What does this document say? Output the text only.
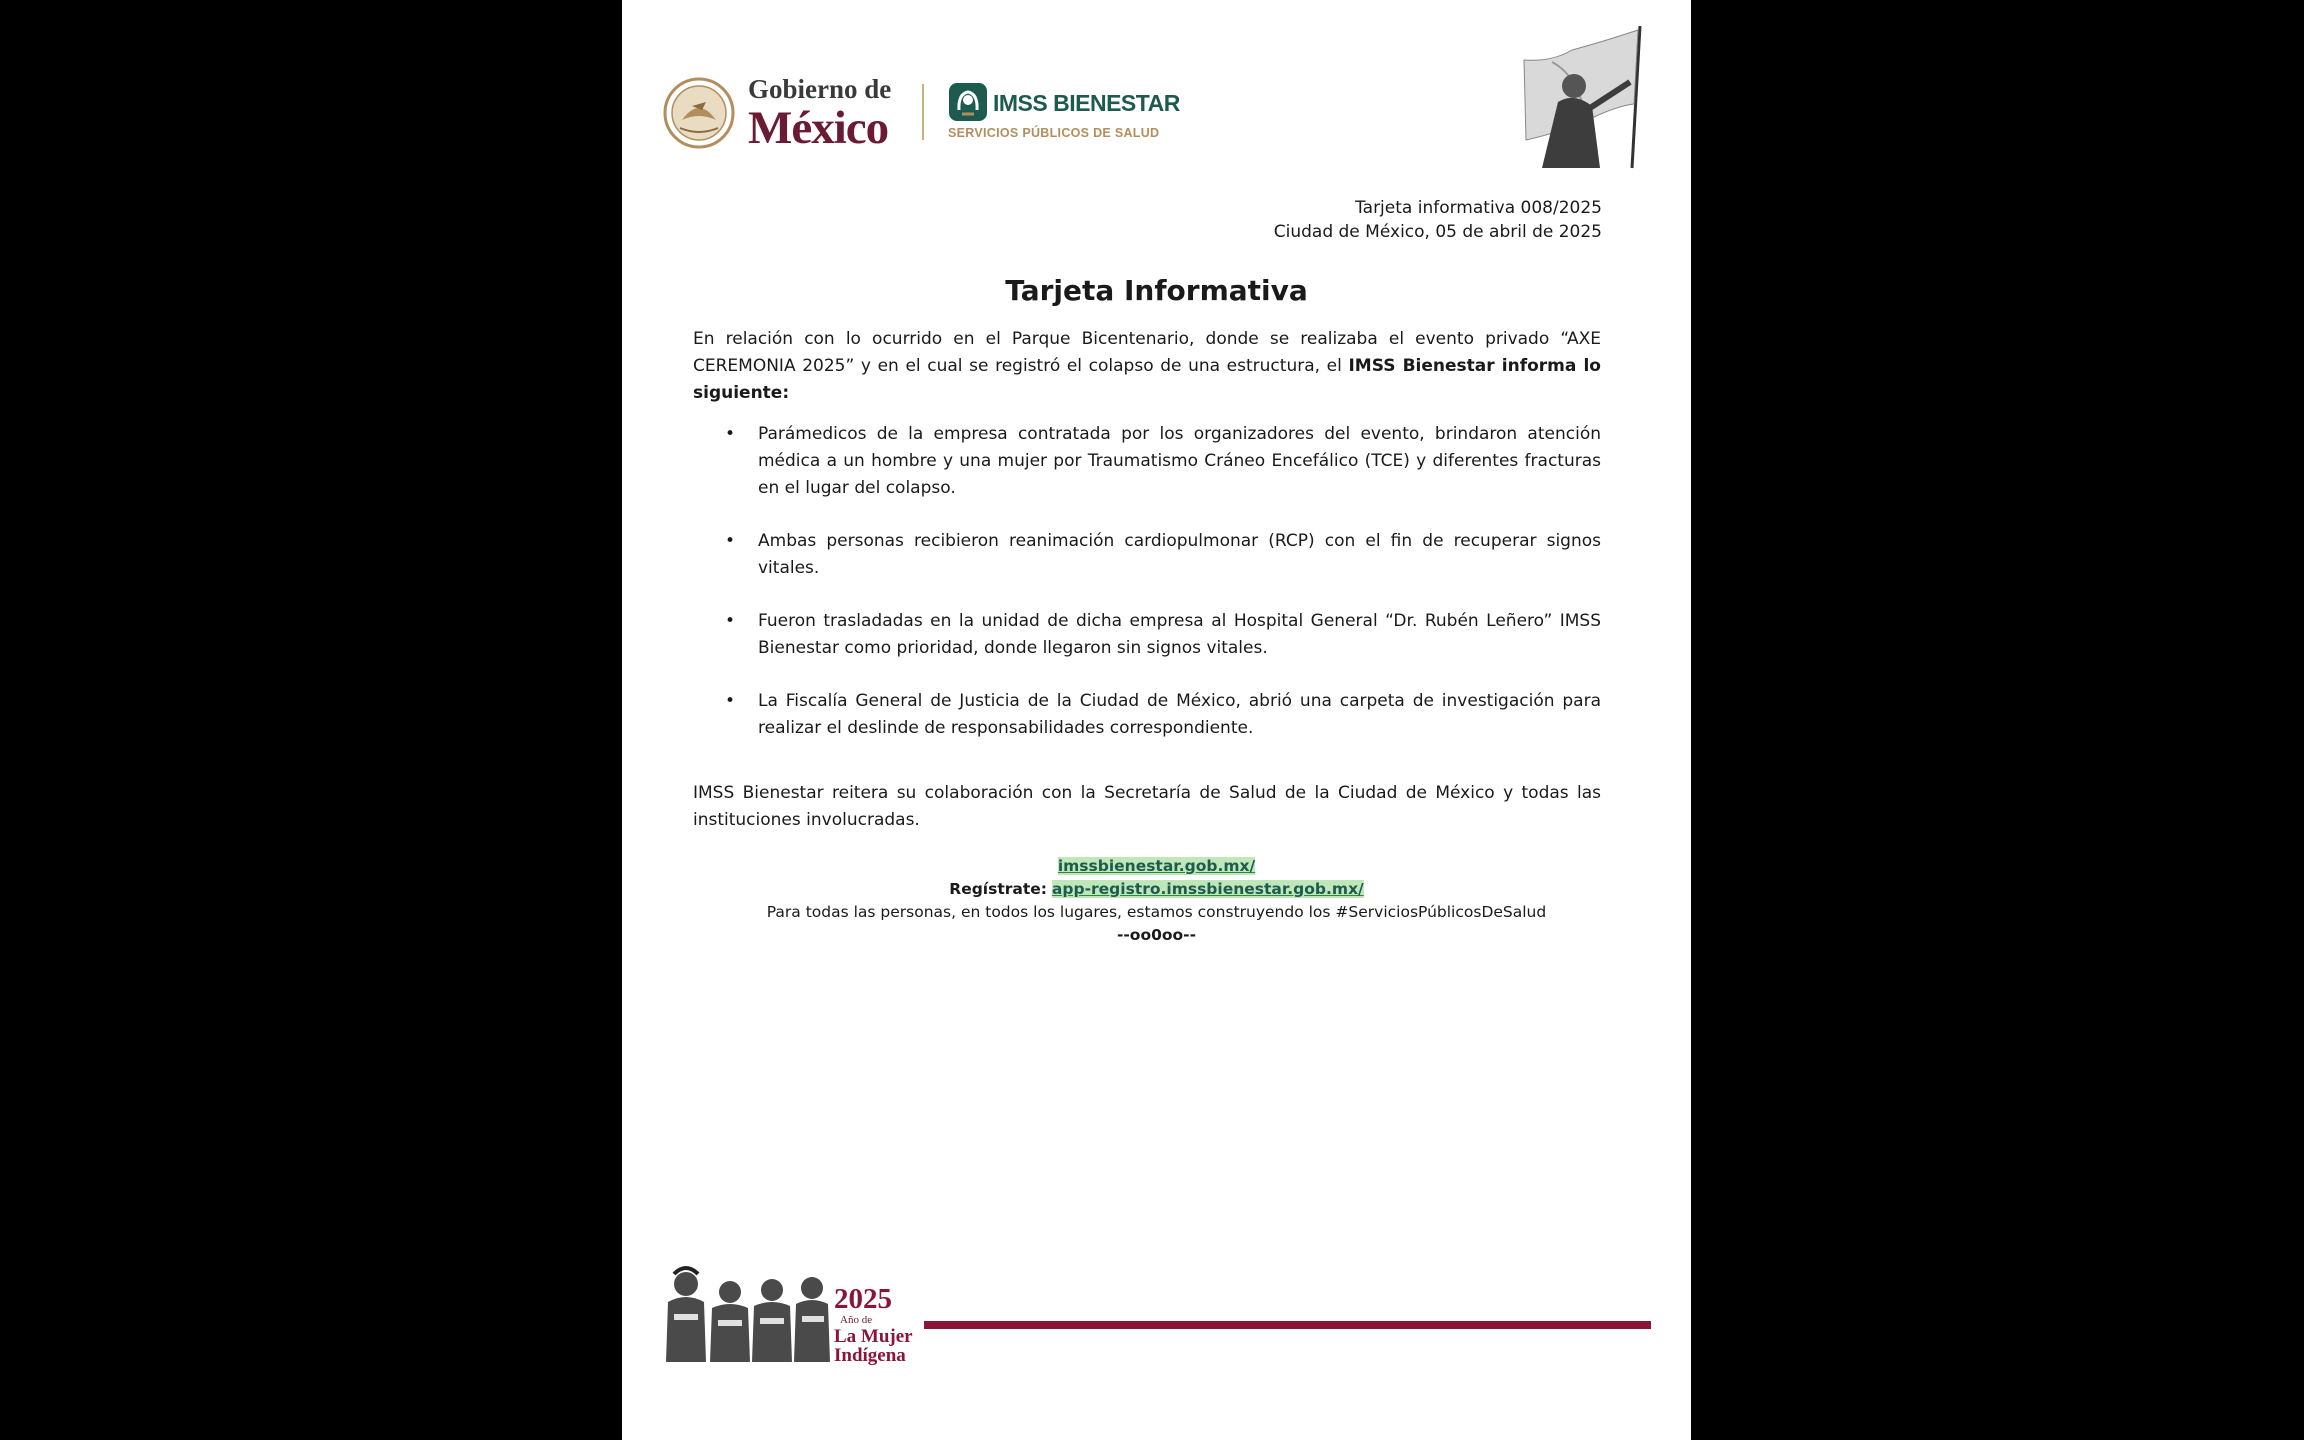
Gobierno de
México	IMSS BIENESTAR
SERVICIOS PÚBLICOS DE SALUD
Tarjeta informativa 008/2025
Ciudad de México, 05 de abril de 2025
Tarjeta Informativa

En relación con lo ocurrido en el Parque Bicentenario, donde se realizaba el evento privado “AXE CEREMONIA 2025” y en el cual se registró el colapso de una estructura, el IMSS Bienestar informa lo siguiente:

• Parámedicos de la empresa contratada por los organizadores del evento, brindaron atención médica a un hombre y una mujer por Traumatismo Cráneo Encefálico (TCE) y diferentes fracturas en el lugar del colapso.
• Ambas personas recibieron reanimación cardiopulmonar (RCP) con el fin de recuperar signos vitales.
• Fueron trasladadas en la unidad de dicha empresa al Hospital General “Dr. Rubén Leñero” IMSS Bienestar como prioridad, donde llegaron sin signos vitales.
• La Fiscalía General de Justicia de la Ciudad de México, abrió una carpeta de investigación para realizar el deslinde de responsabilidades correspondiente.

IMSS Bienestar reitera su colaboración con la Secretaría de Salud de la Ciudad de México y todas las instituciones involucradas.

imssbienestar.gob.mx/
Regístrate: app-registro.imssbienestar.gob.mx/
Para todas las personas, en todos los lugares, estamos construyendo los #ServiciosPúblicosDeSalud
--oo0oo--
2025
Año de
La Mujer
Indígena
